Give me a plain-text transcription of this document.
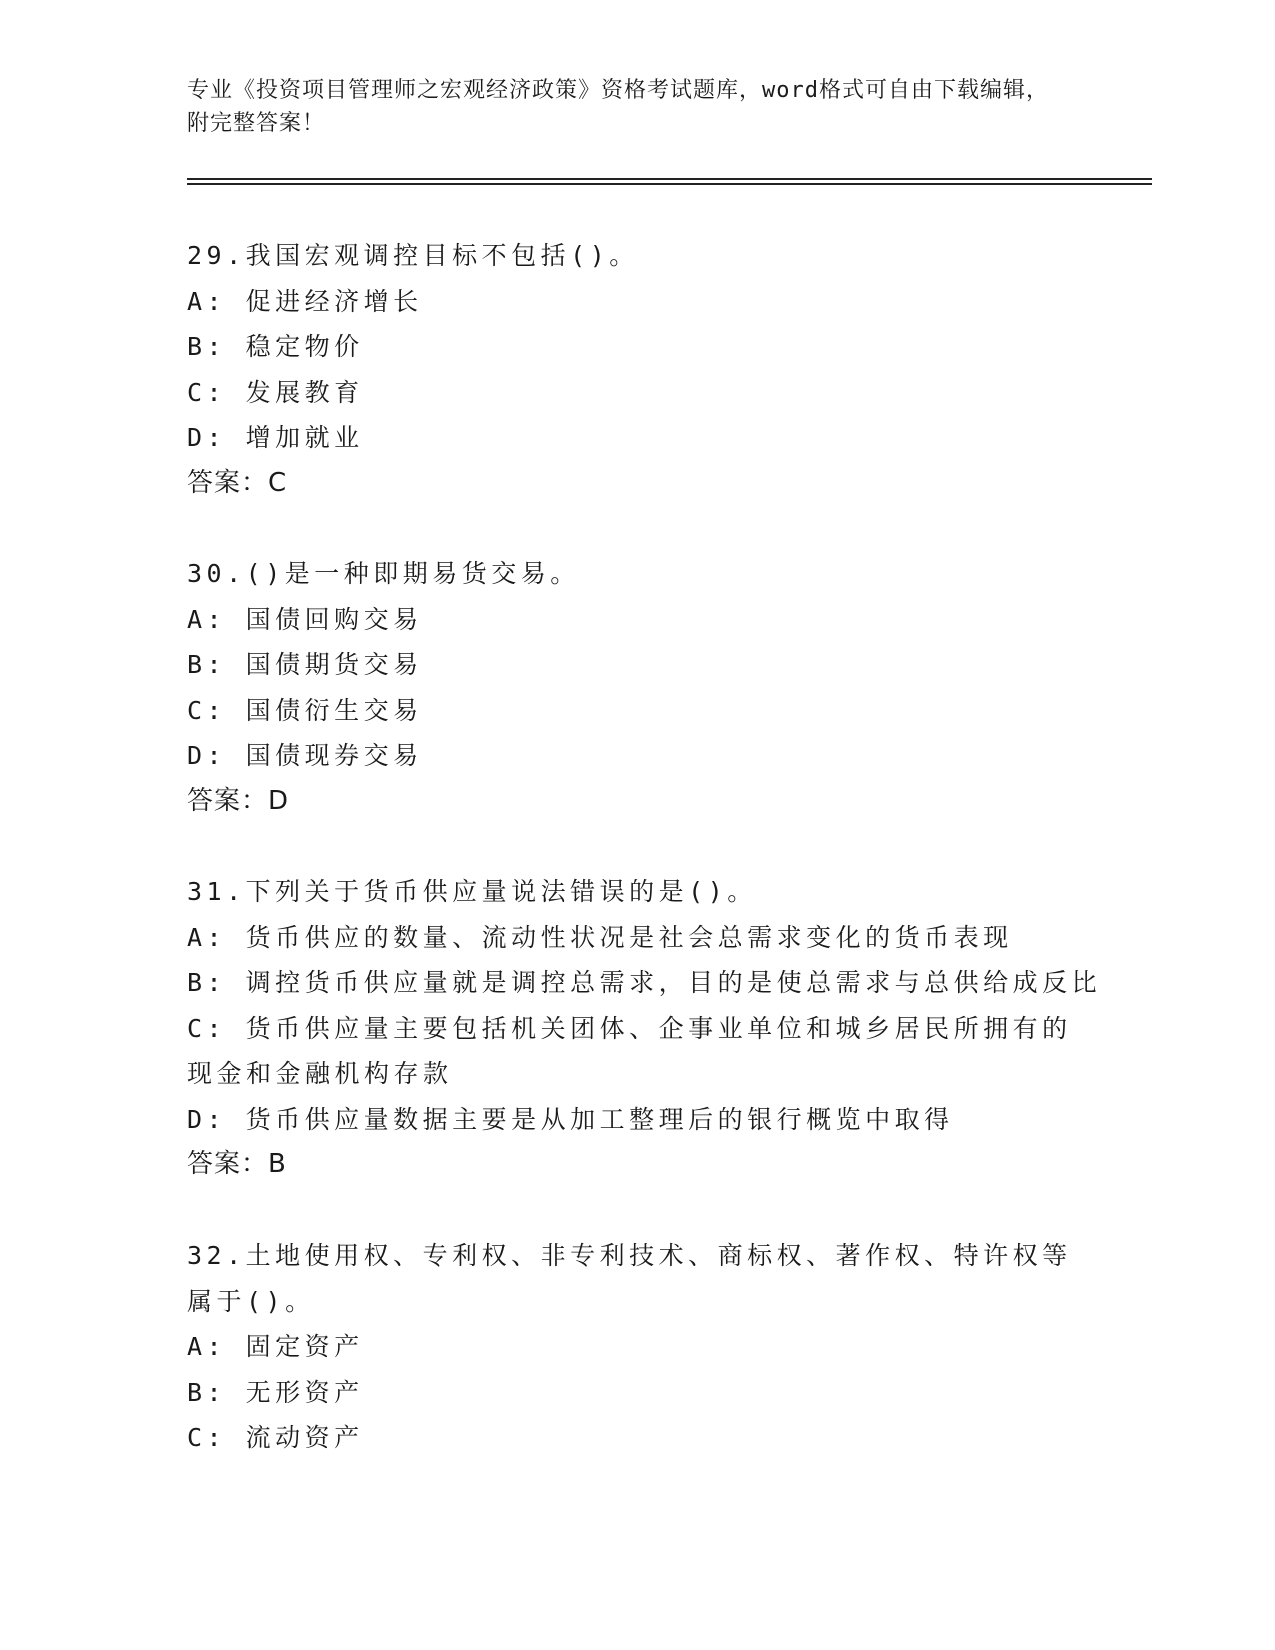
专业《投资项目管理师之宏观经济政策》资格考试题库，word格式可自由下载编辑，附完整答案！
29.我国宏观调控目标不包括()。
A: 促进经济增长
B: 稳定物价
C: 发展教育
D: 增加就业
答案：C
30.()是一种即期易货交易。
A: 国债回购交易
B: 国债期货交易
C: 国债衍生交易
D: 国债现券交易
答案：D
31.下列关于货币供应量说法错误的是()。
A: 货币供应的数量、流动性状况是社会总需求变化的货币表现
B: 调控货币供应量就是调控总需求，目的是使总需求与总供给成反比
C: 货币供应量主要包括机关团体、企事业单位和城乡居民所拥有的现金和金融机构存款
D: 货币供应量数据主要是从加工整理后的银行概览中取得
答案：B
32.土地使用权、专利权、非专利技术、商标权、著作权、特许权等属于()。
A: 固定资产
B: 无形资产
C: 流动资产
